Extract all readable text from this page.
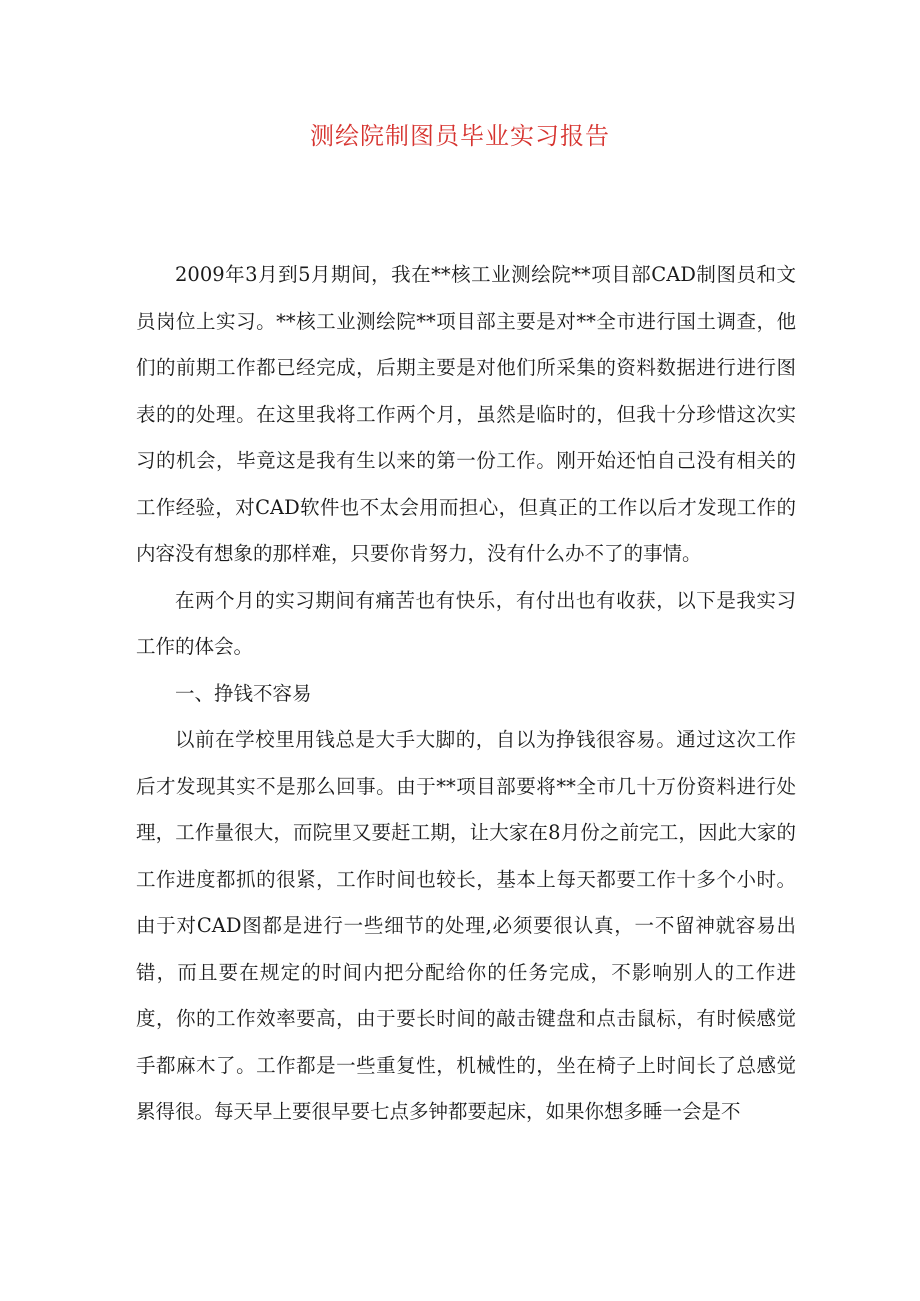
测绘院制图员毕业实习报告

2009年3月到5月期间，我在**核工业测绘院**项目部CAD制图员和文员岗位上实习。**核工业测绘院**项目部主要是对**全市进行国土调查，他们的前期工作都已经完成，后期主要是对他们所采集的资料数据进行进行图表的的处理。在这里我将工作两个月，虽然是临时的，但我十分珍惜这次实习的机会，毕竟这是我有生以来的第一份工作。刚开始还怕自己没有相关的工作经验，对CAD软件也不太会用而担心，但真正的工作以后才发现工作的内容没有想象的那样难，只要你肯努力，没有什么办不了的事情。

在两个月的实习期间有痛苦也有快乐，有付出也有收获，以下是我实习工作的体会。

一、挣钱不容易

以前在学校里用钱总是大手大脚的，自以为挣钱很容易。通过这次工作后才发现其实不是那么回事。由于**项目部要将**全市几十万份资料进行处理，工作量很大，而院里又要赶工期，让大家在8月份之前完工，因此大家的工作进度都抓的很紧，工作时间也较长，基本上每天都要工作十多个小时。由于对CAD图都是进行一些细节的处理,必须要很认真，一不留神就容易出错，而且要在规定的时间内把分配给你的任务完成，不影响别人的工作进度，你的工作效率要高，由于要长时间的敲击键盘和点击鼠标，有时候感觉手都麻木了。工作都是一些重复性，机械性的，坐在椅子上时间长了总感觉累得很。每天早上要很早要七点多钟都要起床，如果你想多睡一会是不
